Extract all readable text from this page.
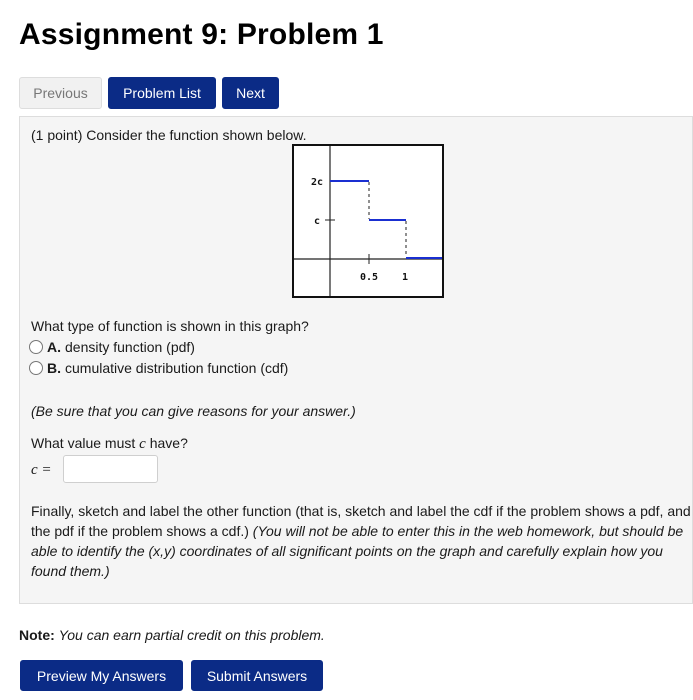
Assignment 9: Problem 1
Previous	Problem List	Next
(1 point) Consider the function shown below.
2c
c
0.5 1
What type of function is shown in this graph?
A. density function (pdf)
B. cumulative distribution function (cdf)
(Be sure that you can give reasons for your answer.)
What value must c have?
c =
Finally, sketch and label the other function (that is, sketch and label the cdf if the problem shows a pdf, and the pdf if the problem shows a cdf.) (You will not be able to enter this in the web homework, but should be able to identify the (x,y) coordinates of all significant points on the graph and carefully explain how you found them.)
Note: You can earn partial credit on this problem.
Preview My Answers	Submit Answers
